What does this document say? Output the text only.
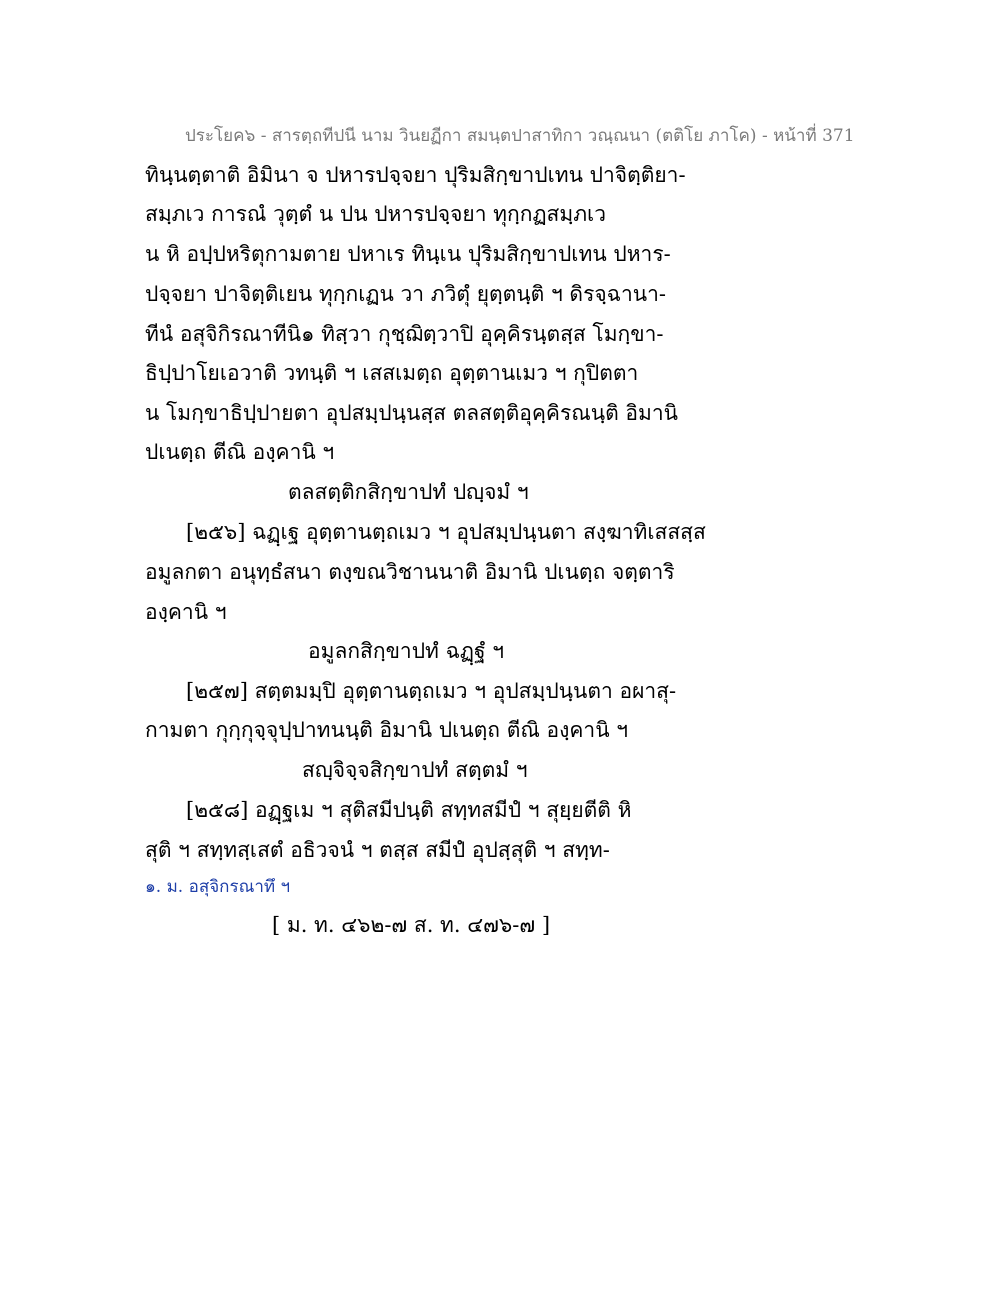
ประโยค๖ - สารตฺถทีปนี นาม วินยฏีกา สมนฺตปาสาทิกา วณฺณนา (ตติโย ภาโค) - หน้าที่ 371
ทินฺนตฺตาติ อิมินา จ ปหารปจฺจยา ปุริมสิกฺขาปเทน ปาจิตฺติยา-
สมฺภเว การณํ วุตฺตํ น ปน ปหารปจฺจยา ทุกฺกฏสมฺภเว
น หิ อปฺปหริตุกามตาย ปหาเร ทินฺเน ปุริมสิกฺขาปเทน ปหาร-
ปจฺจยา ปาจิตฺติเยน ทุกฺกเฏน วา ภวิตุํ ยุตฺตนฺติ ฯ ดิรจฺฉานา-
ทีนํ อสุจิกิรณาทีนิ๑ ทิสฺวา กุชฺฌิตฺวาปิ อุคฺคิรนฺตสฺส โมกฺขา-
ธิปฺปาโยเอวาติ วทนฺติ ฯ เสสเมตฺถ อุตฺตานเมว ฯ กุปิตตา
น โมกฺขาธิปฺปายตา อุปสมฺปนฺนสฺส ตลสตฺติอุคฺคิรณนฺติ อิมานิ
ปเนตฺถ ตีณิ องฺคานิ ฯ
ตลสตฺติกสิกฺขาปทํ ปญฺจมํ ฯ
[๒๕๖] ฉฏฺเฐ อุตฺตานตฺถเมว ฯ อุปสมฺปนฺนตา สงฺฆาทิเสสสฺส
อมูลกตา อนุทฺธํสนา ตงฺขณวิชานนาติ อิมานิ ปเนตฺถ จตฺตาริ
องฺคานิ ฯ
อมูลกสิกฺขาปทํ ฉฏฺฐํ ฯ
[๒๕๗] สตฺตมมฺปิ อุตฺตานตฺถเมว ฯ อุปสมฺปนฺนตา อผาสุ-
กามตา กุกฺกุจฺจุปฺปาทนนฺติ อิมานิ ปเนตฺถ ตีณิ องฺคานิ ฯ
สญฺจิจฺจสิกฺขาปทํ สตฺตมํ ฯ
[๒๕๘] อฏฺฐเม ฯ สุติสมีปนฺติ สทฺทสมีปํ ฯ สุยฺยตีติ หิ
สุติ ฯ สทฺทสฺเสตํ อธิวจนํ ฯ ตสฺส สมีปํ อุปสฺสุติ ฯ สทฺท-
๑. ม. อสุจิกรณาทึ ฯ
[ ม. ท. ๔๖๒-๗ ส. ท. ๔๗๖-๗ ]
